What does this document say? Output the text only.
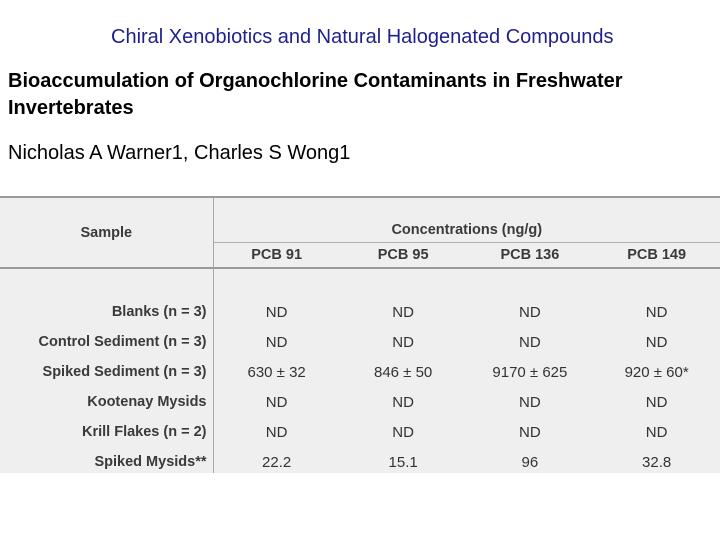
Chiral Xenobiotics and Natural Halogenated Compounds
Bioaccumulation of Organochlorine Contaminants in Freshwater Invertebrates
Nicholas A Warner1, Charles S Wong1
Sample	Concentrations (ng/g)			
	PCB 91	PCB 95	PCB 136	PCB 149

Blanks (n = 3)	ND	ND	ND	ND
Control Sediment (n = 3)	ND	ND	ND	ND
Spiked Sediment (n = 3)	630 ± 32	846 ± 50	9170 ± 625	920 ± 60*
Kootenay Mysids	ND	ND	ND	ND
Krill Flakes (n = 2)	ND	ND	ND	ND
Spiked Mysids**	22.2	15.1	96	32.8
